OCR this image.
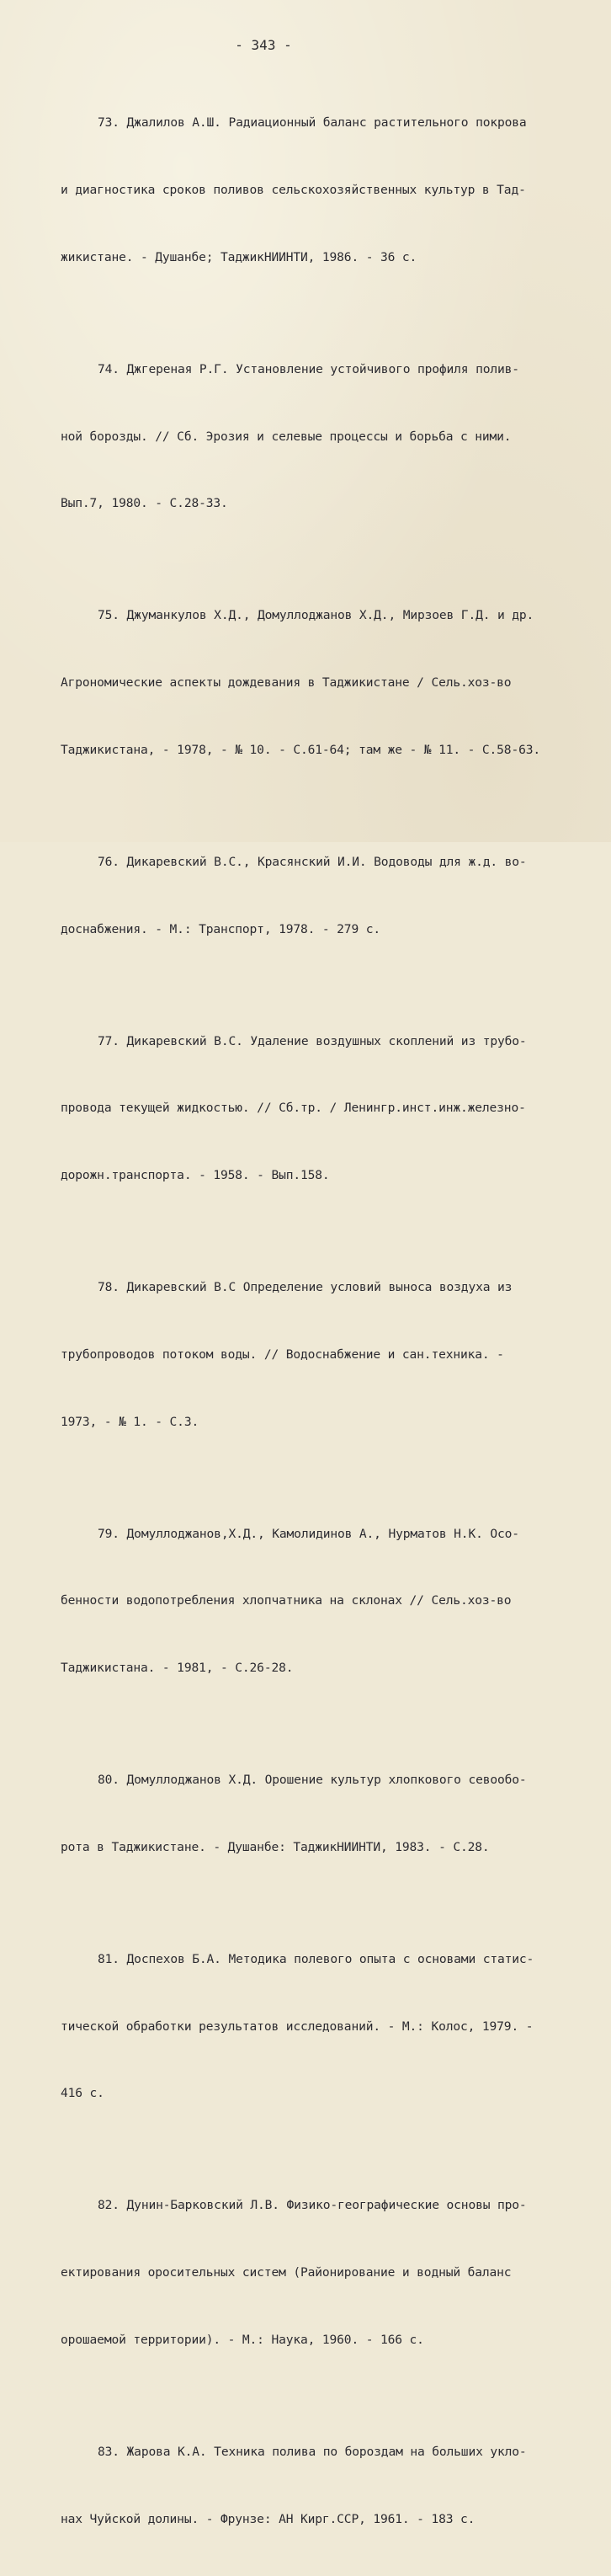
- 343 -

73. Джалилов А.Ш. Радиационный баланс растительного покрова

и диагностика сроков поливов сельскохозяйственных культур в Тад-

жикистане. - Душанбе; ТаджикНИИНТИ, 1986. - 36 с.

74. Джгереная Р.Г. Установление устойчивого профиля полив-

ной борозды. // Сб. Эрозия и селевые процессы и борьба с ними.

Вып.7, 1980. - С.28-33.

75. Джуманкулов Х.Д., Домуллоджанов Х.Д., Мирзоев Г.Д. и др.

Агрономические аспекты дождевания в Таджикистане / Сель.хоз-во

Таджикистана, - 1978, - № 10. - С.61-64; там же - № 11. - С.58-63.

76. Дикаревский В.С., Красянский И.И. Водоводы для ж.д. во-

доснабжения. - М.: Транспорт, 1978. - 279 с.

77. Дикаревский В.С. Удаление воздушных скоплений из трубо-

провода текущей жидкостью. // Сб.тр. / Ленингр.инст.инж.железно-

дорожн.транспорта. - 1958. - Вып.158.

78. Дикаревский В.С Определение условий выноса воздуха из

трубопроводов потоком воды. // Водоснабжение и сан.техника. -

1973, - № 1. - С.3.

79. Домуллоджанов,Х.Д., Камолидинов А., Нурматов Н.К. Осо-

бенности водопотребления хлопчатника на склонах // Сель.хоз-во

Таджикистана. - 1981, - С.26-28.

80. Домуллоджанов Х.Д. Орошение культур хлопкового севообо-

рота в Таджикистане. - Душанбе: ТаджикНИИНТИ, 1983. - С.28.

81. Доспехов Б.А. Методика полевого опыта с основами статис-

тической обработки результатов исследований. - М.: Колос, 1979. -

416 с.

82. Дунин-Барковский Л.В. Физико-географические основы про-

ектирования оросительных систем (Районирование и водный баланс

орошаемой территории). - М.: Наука, 1960. - 166 с.

83. Жарова К.А. Техника полива по бороздам на больших укло-

нах Чуйской долины. - Фрунзе: АН Кирг.ССР, 1961. - 183 с.
